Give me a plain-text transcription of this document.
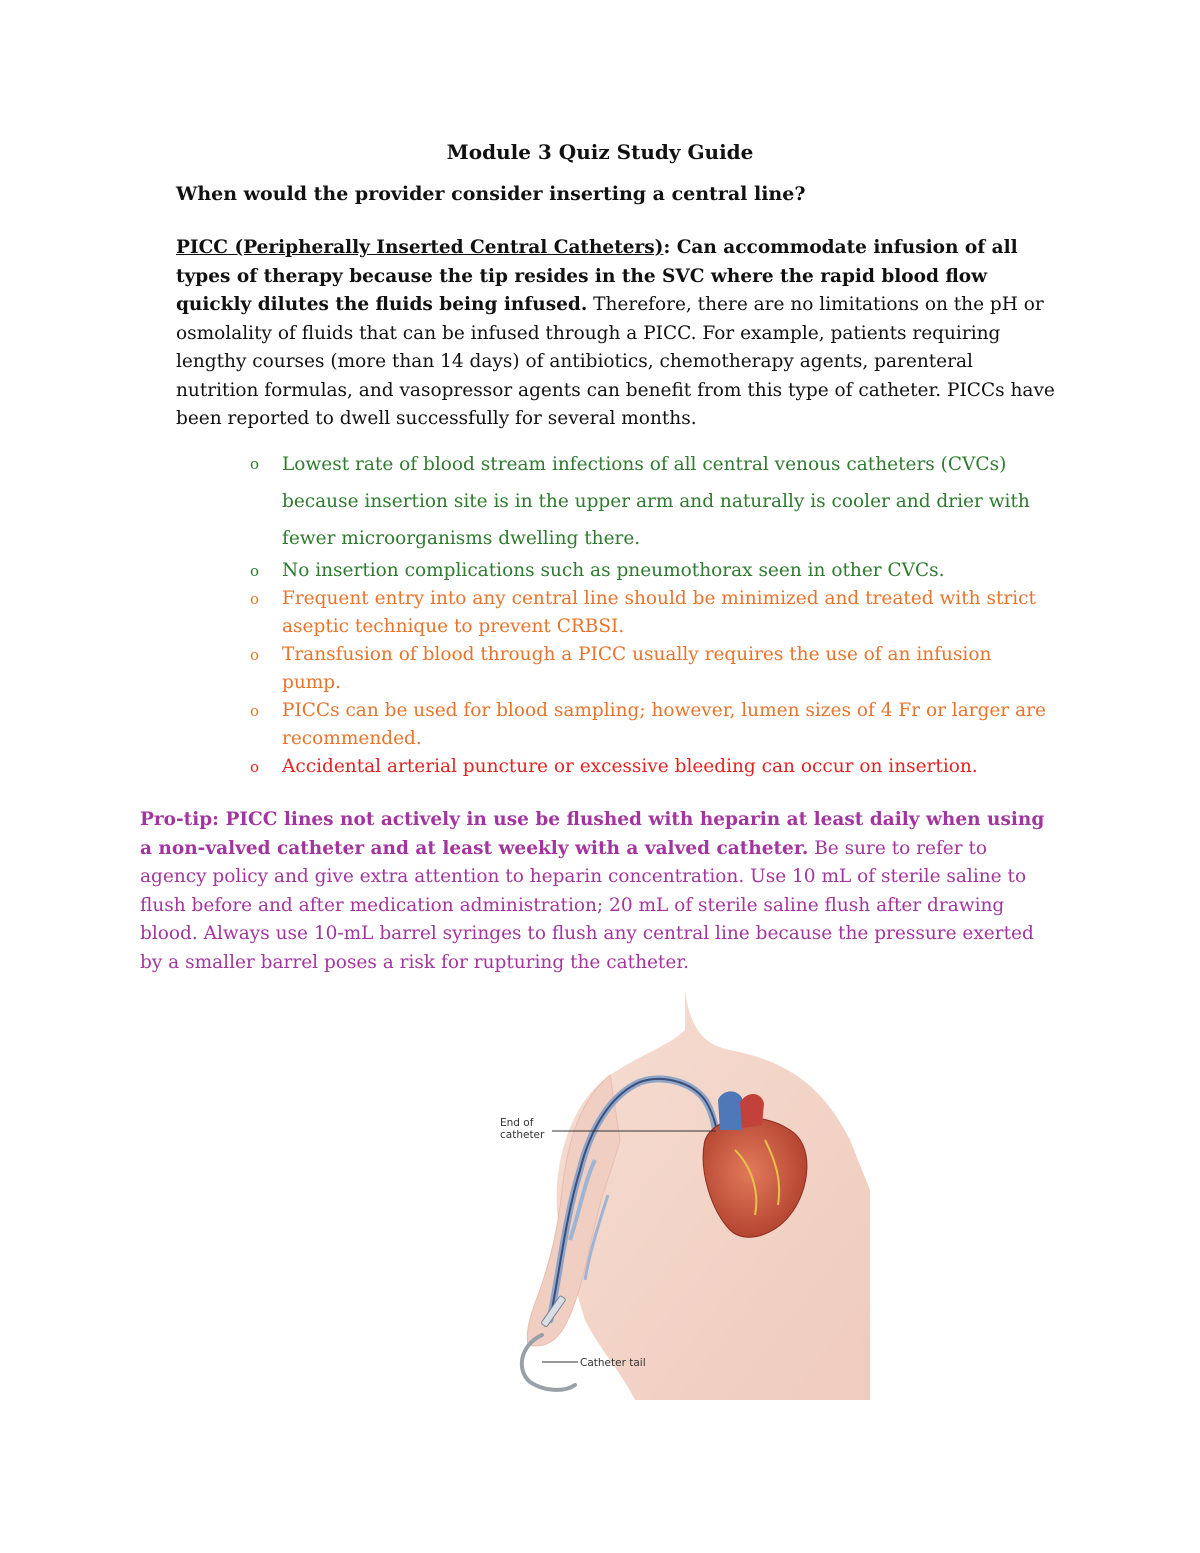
Module 3 Quiz Study Guide
When would the provider consider inserting a central line?
PICC (Peripherally Inserted Central Catheters): Can accommodate infusion of all types of therapy because the tip resides in the SVC where the rapid blood flow quickly dilutes the fluids being infused. Therefore, there are no limitations on the pH or osmolality of fluids that can be infused through a PICC. For example, patients requiring lengthy courses (more than 14 days) of antibiotics, chemotherapy agents, parenteral nutrition formulas, and vasopressor agents can benefit from this type of catheter. PICCs have been reported to dwell successfully for several months.
o Lowest rate of blood stream infections of all central venous catheters (CVCs) because insertion site is in the upper arm and naturally is cooler and drier with fewer microorganisms dwelling there.
o No insertion complications such as pneumothorax seen in other CVCs.
o Frequent entry into any central line should be minimized and treated with strict aseptic technique to prevent CRBSI.
o Transfusion of blood through a PICC usually requires the use of an infusion pump.
o PICCs can be used for blood sampling; however, lumen sizes of 4 Fr or larger are recommended.
o Accidental arterial puncture or excessive bleeding can occur on insertion.
Pro-tip: PICC lines not actively in use be flushed with heparin at least daily when using a non-valved catheter and at least weekly with a valved catheter. Be sure to refer to agency policy and give extra attention to heparin concentration. Use 10 mL of sterile saline to flush before and after medication administration; 20 mL of sterile saline flush after drawing blood. Always use 10-mL barrel syringes to flush any central line because the pressure exerted by a smaller barrel poses a risk for rupturing the catheter.
End of
catheter
Catheter tail
